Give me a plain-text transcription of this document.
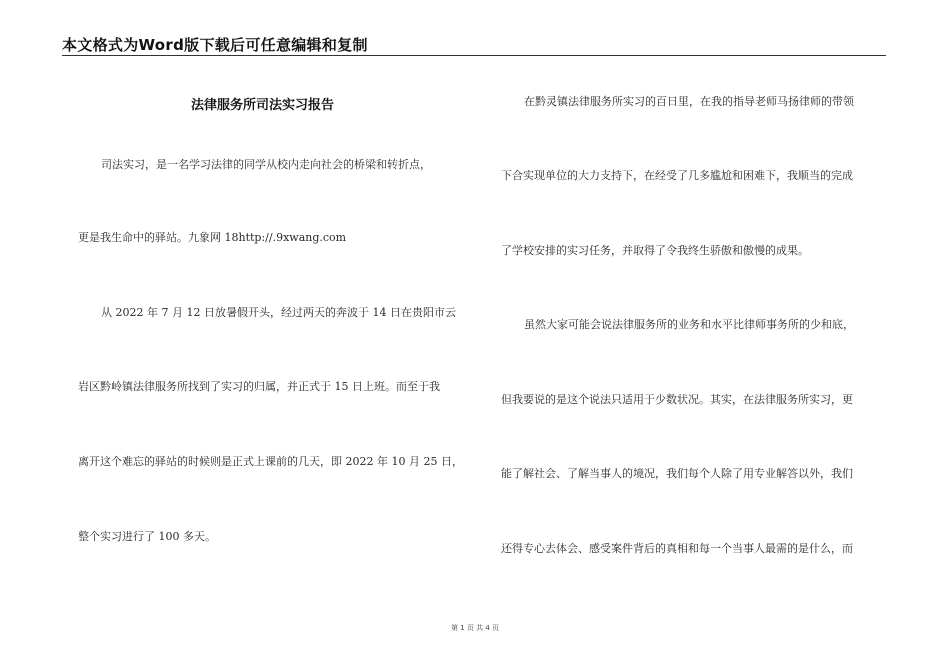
本文格式为Word版下载后可任意编辑和复制
法律服务所司法实习报告
司法实习，是一名学习法律的同学从校内走向社会的桥梁和转折点，
更是我生命中的驿站。九象网 18http://.9xwang.com
从 2022 年 7 月 12 日放暑假开头，经过两天的奔波于 14 日在贵阳市云
岩区黔岭镇法律服务所找到了实习的归属，并正式于 15 日上班。而至于我
离开这个难忘的驿站的时候则是正式上课前的几天，即 2022 年 10 月 25 日，
整个实习进行了 100 多天。
在黔灵镇法律服务所实习的百日里，在我的指导老师马扬律师的带领
下合实现单位的大力支持下，在经受了几多尴尬和困难下，我顺当的完成
了学校安排的实习任务，并取得了令我终生骄傲和傲慢的成果。
虽然大家可能会说法律服务所的业务和水平比律师事务所的少和底，
但我要说的是这个说法只适用于少数状况。其实，在法律服务所实习，更
能了解社会、了解当事人的境况，我们每个人除了用专业解答以外，我们
还得专心去体会、感受案件背后的真相和每一个当事人最需的是什么，而
第 1 页 共 4 页
